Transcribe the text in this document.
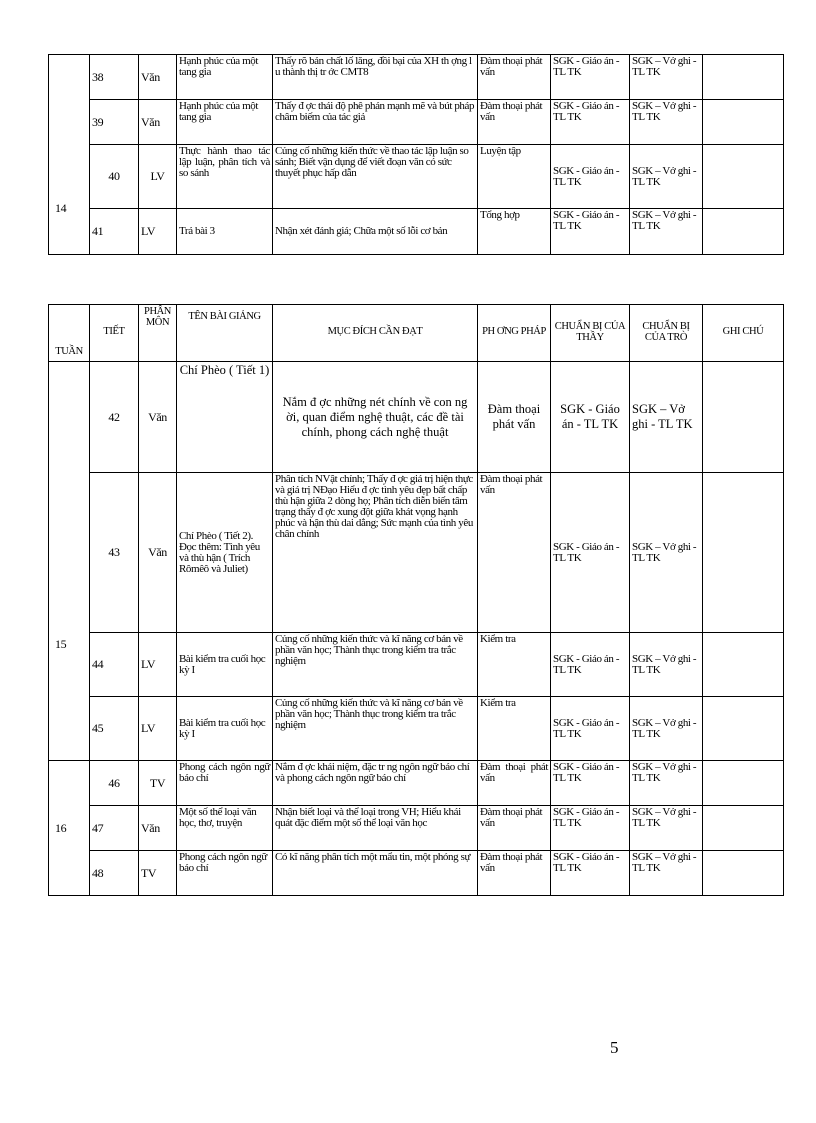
14	38	Văn	Hạnh phúc của một tang gia	Thấy rõ bản chất lố lăng, đồi bại của XH th ợng l u thành thị tr ớc CMT8	Đàm thoại phát vấn	SGK - Giáo án - TL TK	SGK – Vở ghi - TL TK	
	39	Văn	Hạnh phúc của một tang gia	Thấy đ ợc thái độ phê phán mạnh mẽ và bút pháp châm biếm của tác giả	Đàm thoại phát vấn	SGK - Giáo án - TL TK	SGK – Vở ghi - TL TK	
	40	LV	Thực hành thao tác lập luận, phân tích và so sánh	Củng cố những kiến thức về thao tác lập luận so sánh; Biết vận dụng để viết đoạn văn có sức thuyết phục hấp dẫn	Luyện tập	SGK - Giáo án - TL TK	SGK – Vở ghi - TL TK	
	41	LV	Trả bài 3	Nhận xét đánh giá; Chữa một số lỗi cơ bản	Tổng hợp	SGK - Giáo án - TL TK	SGK – Vở ghi - TL TK	
TUẦN	TIẾT	PHÂN MÔN	TÊN BÀI GIẢNG	MỤC ĐÍCH CẦN ĐẠT	PH ƠNG PHÁP	CHUẨN BỊ CỦA THẦY	CHUẨN BỊ CỦA TRÒ	GHI CHÚ
15	42	Văn	Chí Phèo ( Tiết 1)	Nắm đ ợc những nét chính về con ng ời, quan điểm nghệ thuật, các đề tài chính, phong cách nghệ thuật	Đàm thoại phát vấn	SGK - Giáo án - TL TK	SGK – Vở ghi - TL TK	
	43	Văn	Chí Phèo ( Tiết 2). Đọc thêm: Tình yêu và thù hận ( Trích Rômêô và Juliet)	Phân tích NVật chính; Thấy đ ợc giá trị hiện thực và giá trị NĐạo Hiểu đ ợc tình yêu đẹp bất chấp thù hận giữa 2 dòng họ; Phân tích diễn biến tâm trạng thấy đ ợc xung đột giữa khát vọng hạnh phúc và hận thù dai dẳng; Sức mạnh của tình yêu chân chính	Đàm thoại phát vấn	SGK - Giáo án - TL TK	SGK – Vở ghi - TL TK	
	44	LV	Bài kiểm tra cuối học kỳ I	Củng cố những kiến thức và kĩ năng cơ bản về phần văn học; Thành thục trong kiểm tra trắc nghiệm	Kiểm tra	SGK - Giáo án - TL TK	SGK – Vở ghi - TL TK	
	45	LV	Bài kiểm tra cuối học kỳ I	Củng cố những kiến thức và kĩ năng cơ bản về phần văn học; Thành thục trong kiểm tra trắc nghiệm	Kiểm tra	SGK - Giáo án - TL TK	SGK – Vở ghi - TL TK	
16	46	TV	Phong cách ngôn ngữ báo chí	Nắm đ ợc khái niệm, đặc tr ng ngôn ngữ báo chí và phong cách ngôn ngữ báo chí	Đàm thoại phát vấn	SGK - Giáo án - TL TK	SGK – Vở ghi - TL TK	
	47	Văn	Một số thể loại văn học, thơ, truyện	Nhận biết loại và thể loại trong VH; Hiểu khái quát đặc điểm một số thể loại văn học	Đàm thoại phát vấn	SGK - Giáo án - TL TK	SGK – Vở ghi - TL TK	
	48	TV	Phong cách ngôn ngữ báo chí	Có kĩ năng phân tích một mẩu tin, một phóng sự	Đàm thoại phát vấn	SGK - Giáo án - TL TK	SGK – Vở ghi - TL TK	
5
